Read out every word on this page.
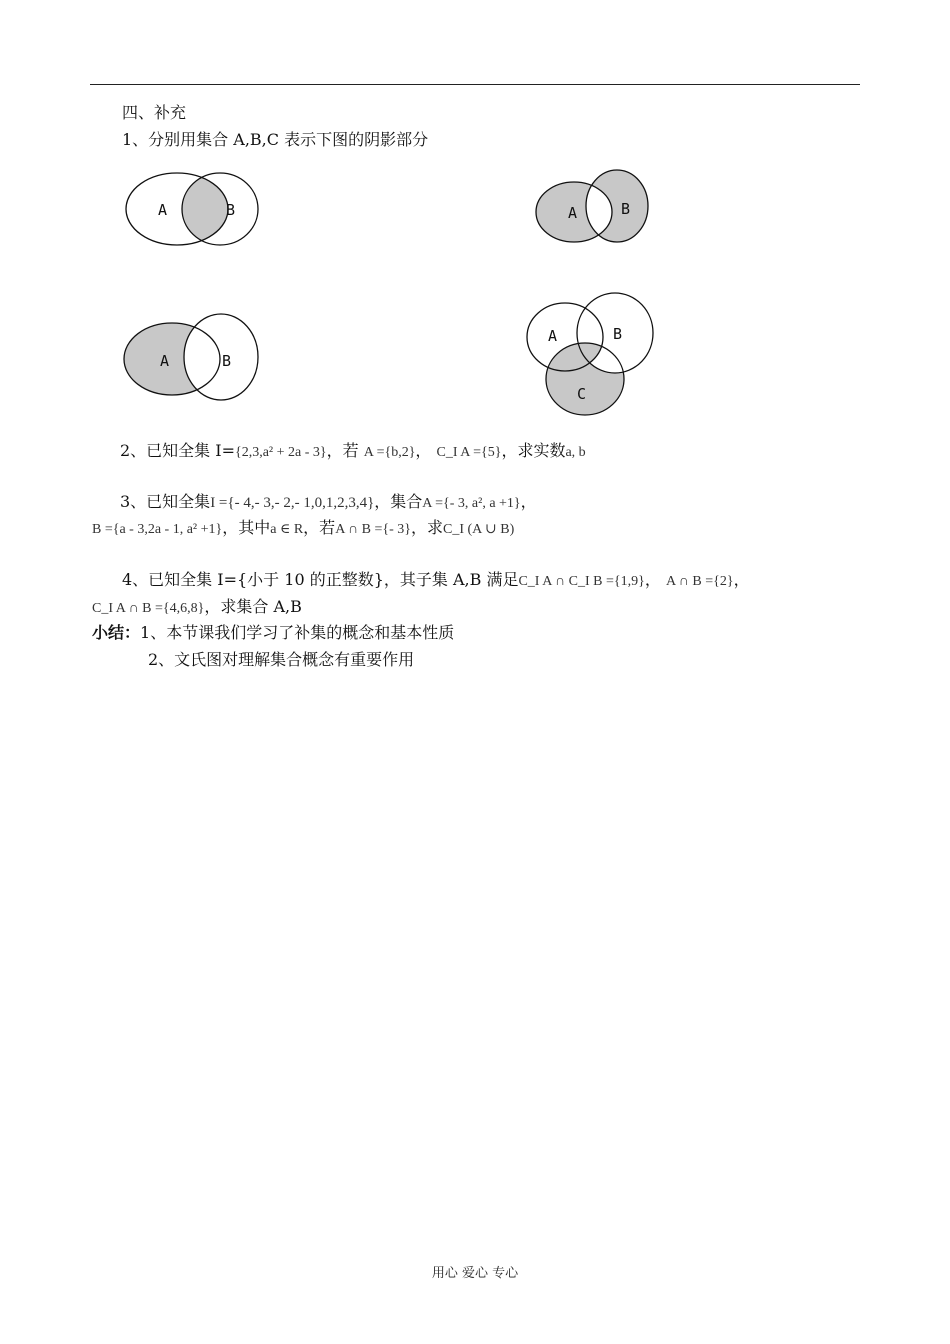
四、补充
1、分别用集合 A,B,C 表示下图的阴影部分
A	B	A	B
A	B
A	B
C
2、已知全集 I={2,3,a² + 2a - 3}，若 A ={b,2}， C_I A ={5}，求实数a, b
3、已知全集I ={- 4,- 3,- 2,- 1,0,1,2,3,4}，集合A ={- 3, a², a +1}，
B ={a - 3,2a - 1, a² +1}，其中a ∈ R，若A ∩ B ={- 3}，求C_I (A ∪ B)
4、已知全集 I={小于 10 的正整数}，其子集 A,B 满足C_I A ∩ C_I B ={1,9}， A ∩ B ={2}，
C_I A ∩ B ={4,6,8}，求集合 A,B
小结：1、本节课我们学习了补集的概念和基本性质
2、文氏图对理解集合概念有重要作用
用心 爱心 专心
